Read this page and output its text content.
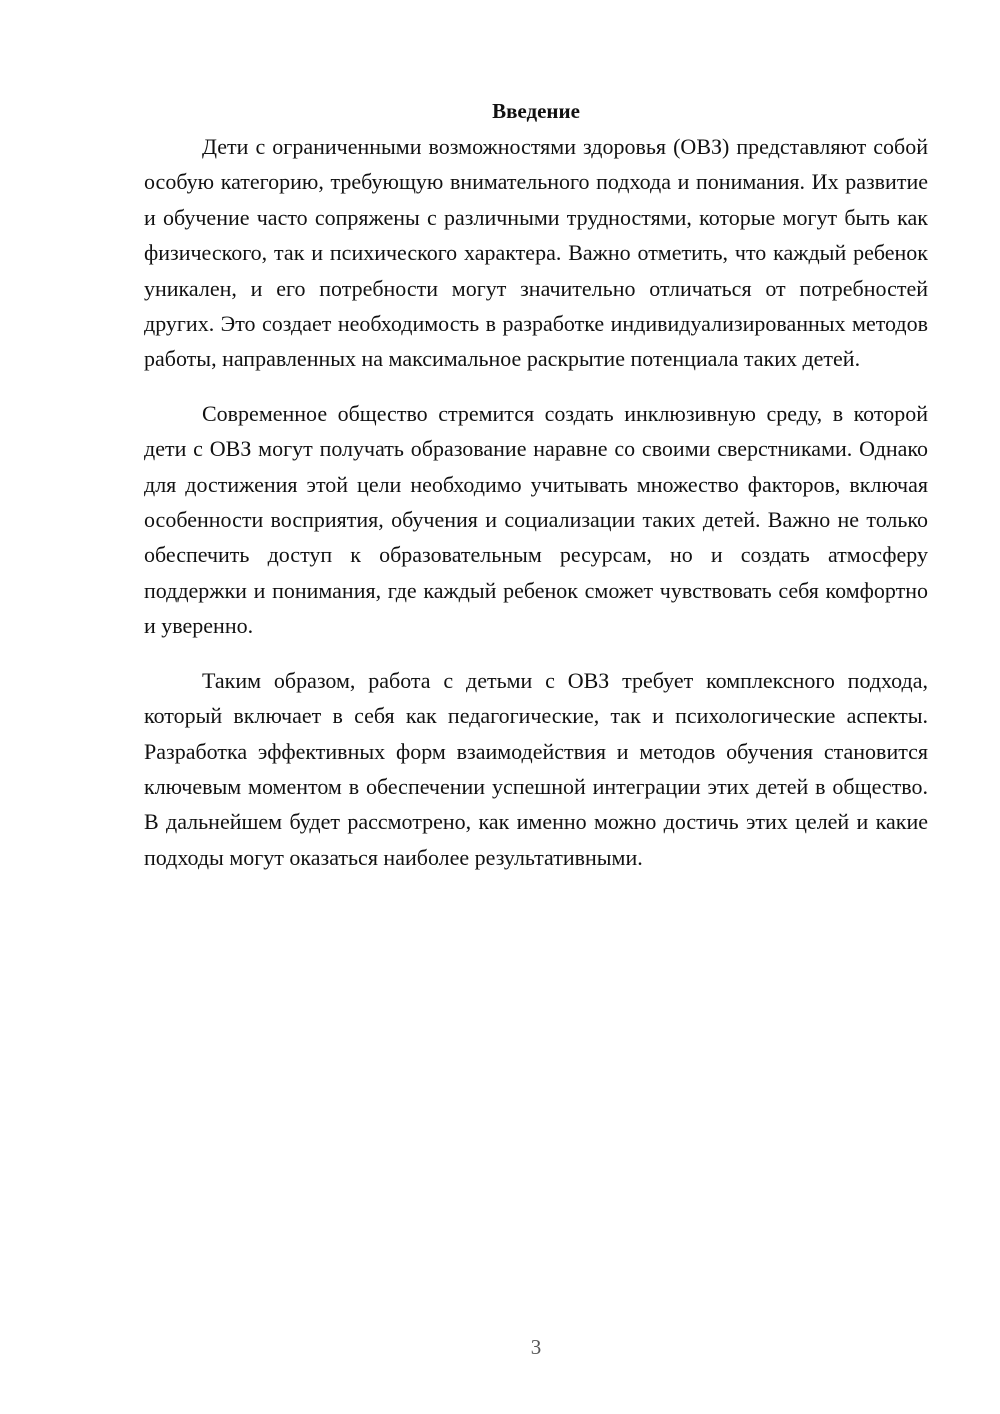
Введение

Дети с ограниченными возможностями здоровья (ОВЗ) представляют собой особую категорию, требующую внимательного подхода и понимания. Их развитие и обучение часто сопряжены с различными трудностями, которые могут быть как физического, так и психического характера. Важно отметить, что каждый ребенок уникален, и его потребности могут значительно отличаться от потребностей других. Это создает необходимость в разработке индивидуализированных методов работы, направленных на максимальное раскрытие потенциала таких детей.

Современное общество стремится создать инклюзивную среду, в которой дети с ОВЗ могут получать образование наравне со своими сверстниками. Однако для достижения этой цели необходимо учитывать множество факторов, включая особенности восприятия, обучения и социализации таких детей. Важно не только обеспечить доступ к образовательным ресурсам, но и создать атмосферу поддержки и понимания, где каждый ребенок сможет чувствовать себя комфортно и уверенно.

Таким образом, работа с детьми с ОВЗ требует комплексного подхода, который включает в себя как педагогические, так и психологические аспекты. Разработка эффективных форм взаимодействия и методов обучения становится ключевым моментом в обеспечении успешной интеграции этих детей в общество. В дальнейшем будет рассмотрено, как именно можно достичь этих целей и какие подходы могут оказаться наиболее результативными.

3
